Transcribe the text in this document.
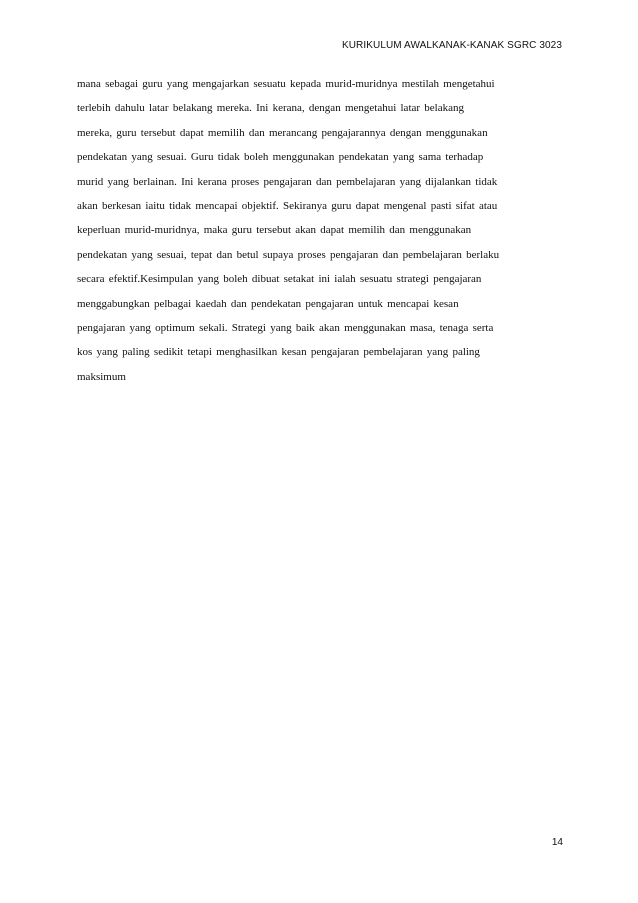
KURIKULUM AWALKANAK-KANAK SGRC 3023
mana sebagai guru yang mengajarkan sesuatu kepada murid-muridnya mestilah mengetahui
terlebih dahulu latar belakang mereka. Ini kerana, dengan mengetahui latar belakang
mereka, guru tersebut dapat memilih dan merancang pengajarannya dengan menggunakan
pendekatan yang sesuai. Guru tidak boleh menggunakan pendekatan yang sama terhadap
murid yang berlainan. Ini kerana proses pengajaran dan pembelajaran yang dijalankan tidak
akan berkesan iaitu tidak mencapai objektif. Sekiranya guru dapat mengenal pasti sifat atau
keperluan murid-muridnya, maka guru tersebut akan dapat memilih dan menggunakan
pendekatan yang sesuai, tepat dan betul supaya proses pengajaran dan pembelajaran berlaku
secara efektif.Kesimpulan yang boleh dibuat setakat ini ialah sesuatu strategi pengajaran
menggabungkan pelbagai kaedah dan pendekatan pengajaran untuk mencapai kesan
pengajaran yang optimum sekali. Strategi yang baik akan menggunakan masa, tenaga serta
kos yang paling sedikit tetapi menghasilkan kesan pengajaran pembelajaran yang paling
maksimum
14
